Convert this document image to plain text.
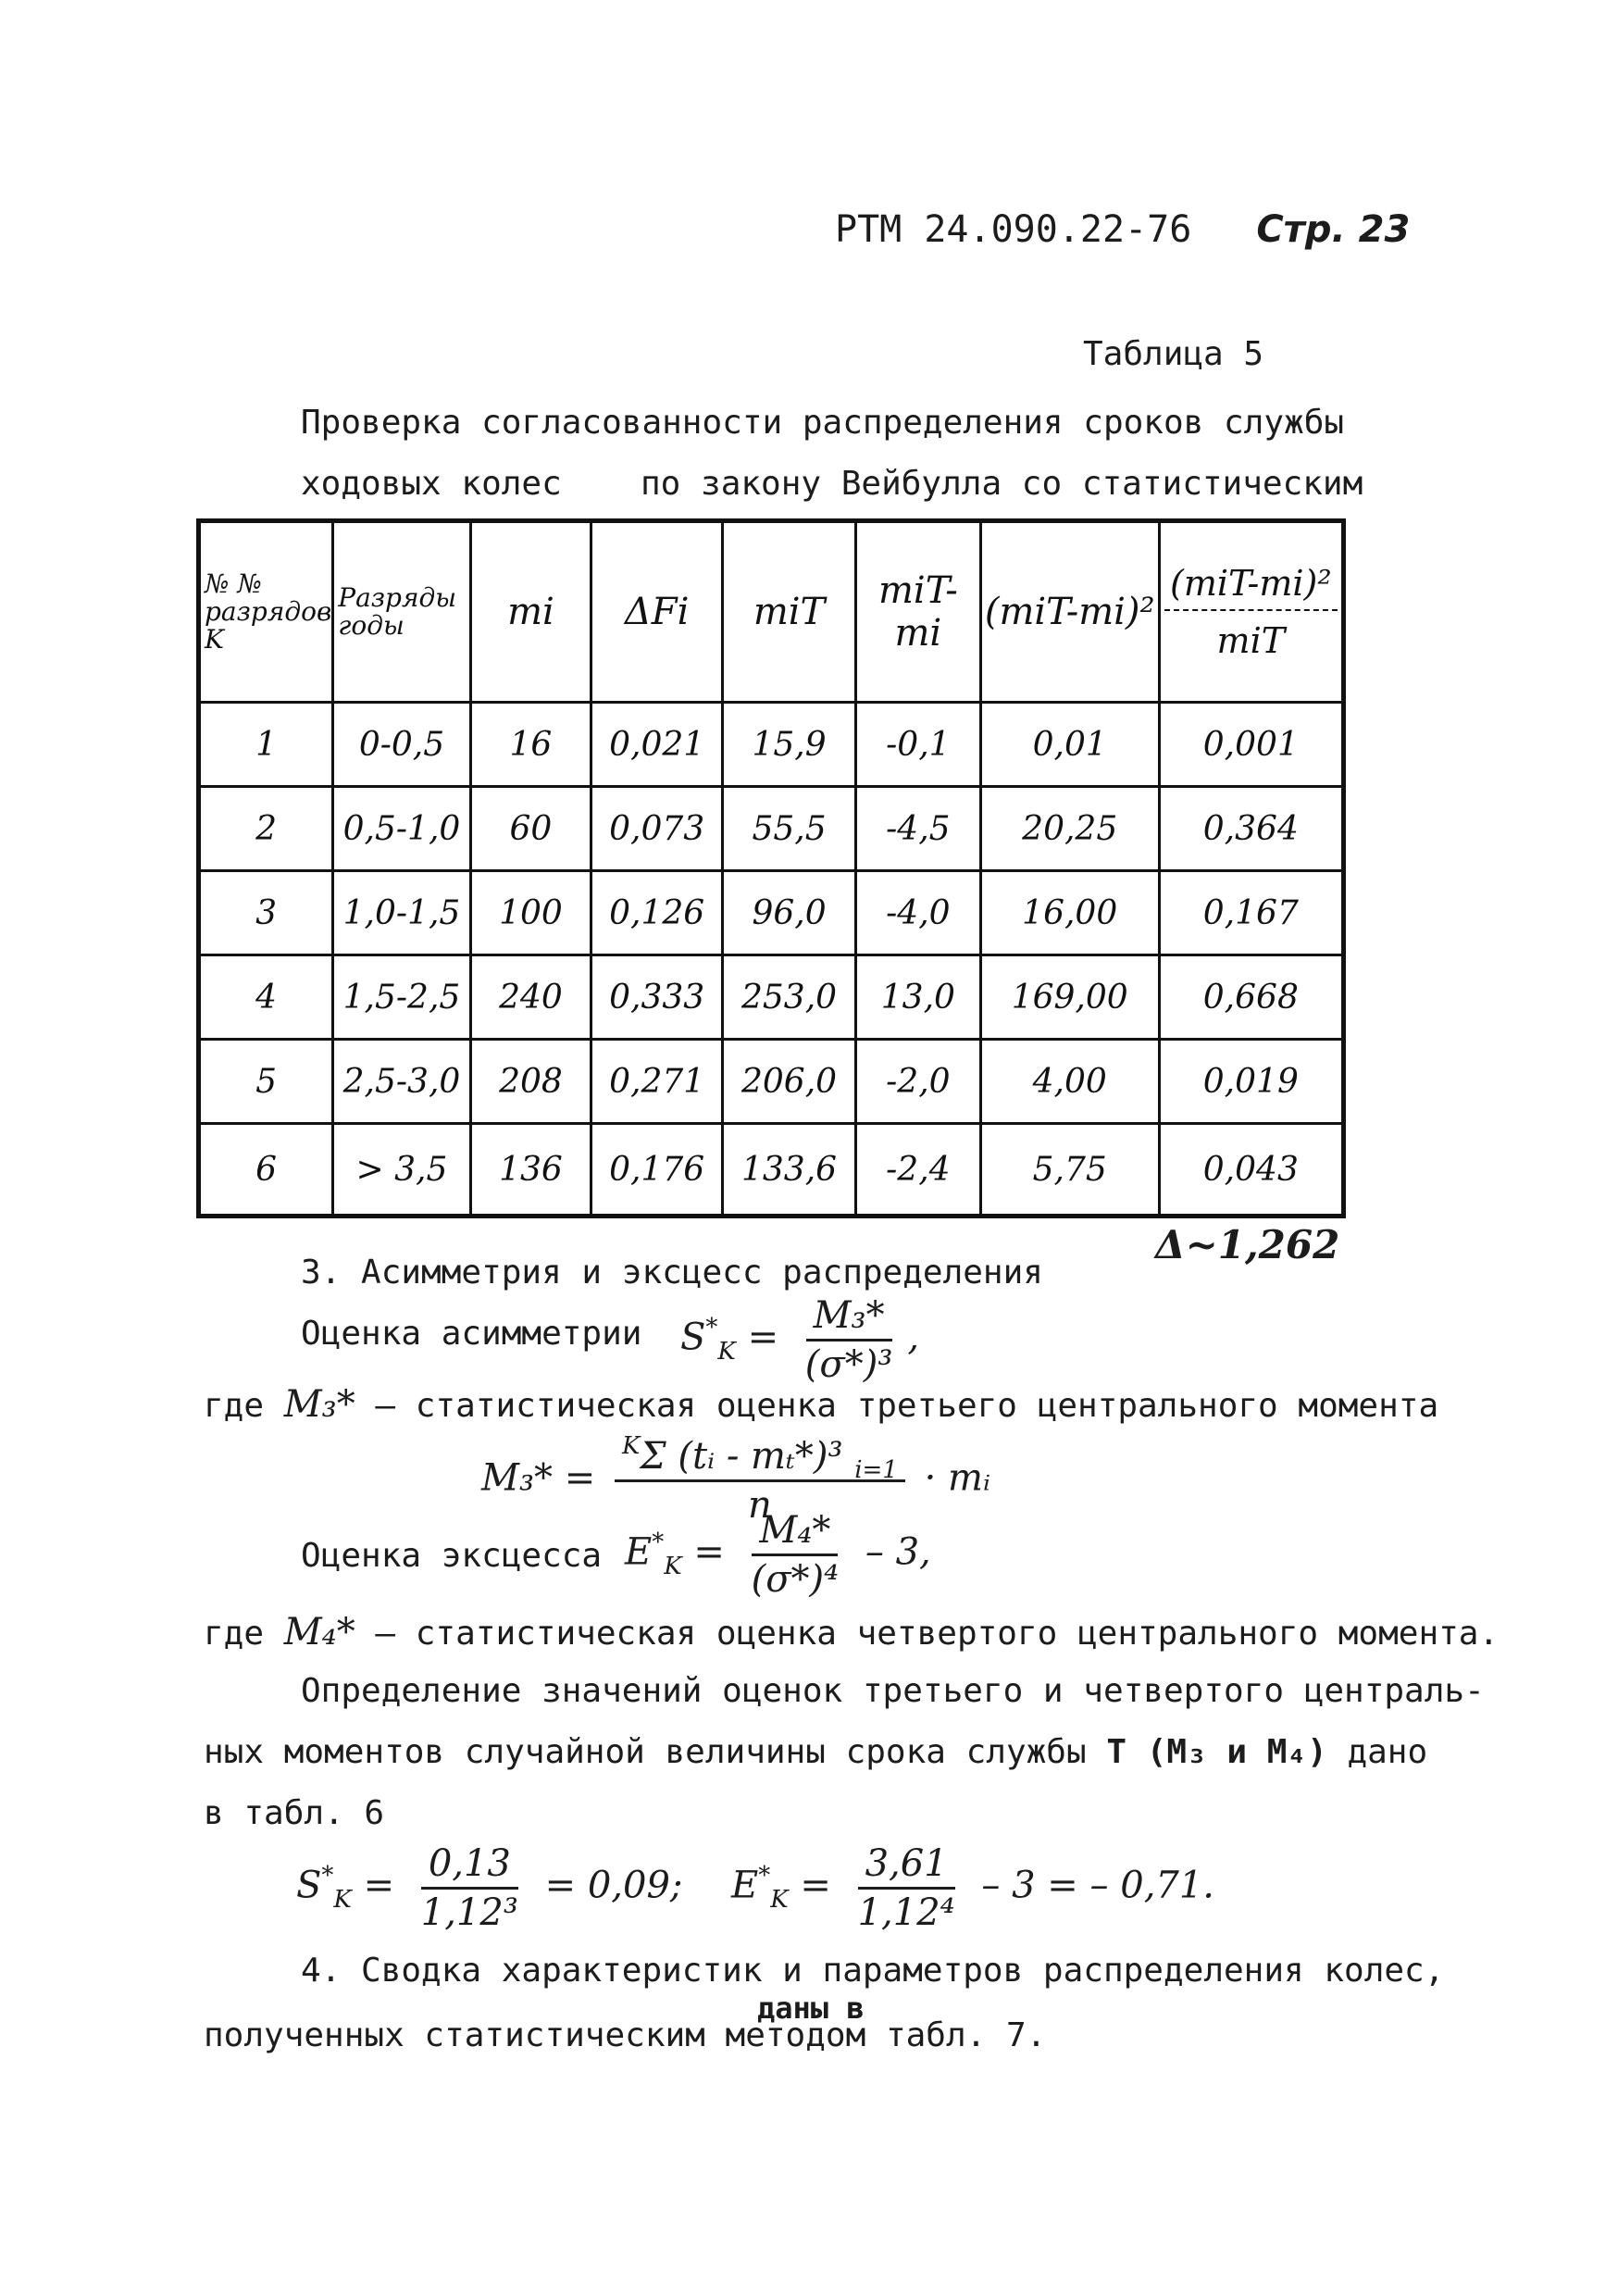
РТМ 24.090.22-76 Стр. 23
Таблица 5
Проверка согласованности распределения сроков службы
ходовых колес по закону Вейбулла со статистическим
№ № разрядов K	Разряды годы	mi	ΔFi	miT	miT-mi	(miT-mi)²	$\frac{\text{(miT-mi)²}}{\text{miT}}$

1	0-0,5	16	0,021	15,9	-0,1	0,01	0,001
2	0,5-1,0	60	0,073	55,5	-4,5	20,25	0,364
3	1,0-1,5	100	0,126	96,0	-4,0	16,00	0,167
4	1,5-2,5	240	0,333	253,0	13,0	169,00	0,668
5	2,5-3,0	208	0,271	206,0	-2,0	4,00	0,019
6	> 3,5	136	0,176	133,6	-2,4	5,75	0,043
Δ~1,262
3. Асимметрия и эксцесс распределения
Оценка асимметрии $S^*_K = \frac{\text{M₃*}}{\text{(σ*)³}}$ ,
где M₃* – статистическая оценка третьего центрального момента
$M_3* = \frac{^K\Sigma (tᵢ - m_t*)^3 _{i=1}}{n}$ · mᵢ
Оценка эксцесса $E^*_K = \frac{\text{M₄*}}{\text{(σ*)⁴}} - 3$,
где M₄* – статистическая оценка четвертого центрального момента.
Определение значений оценок третьего и четвертого централь-
ных моментов случайной величины срока службы T (M₃ и M₄) дано
в табл. 6
$S^*_K = \frac{0,13}{\text{1,12³}} = 0,09$; $E^*_K = \frac{3,61}{\text{1,12⁴}} - 3$ = – 0,71.
4. Сводка характеристик и параметров распределения колес,
даны в
полученных статистическим методом табл. 7.
